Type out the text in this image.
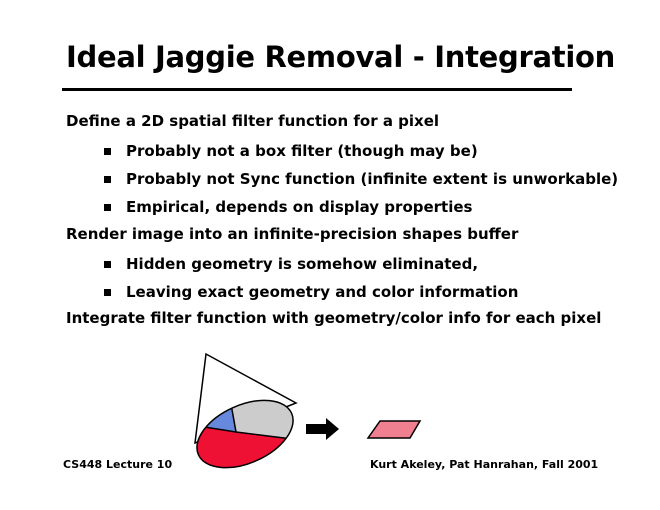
Ideal Jaggie Removal - Integration
Define a 2D spatial filter function for a pixel
Probably not a box filter (though may be)
Probably not Sync function (infinite extent is unworkable)
Empirical, depends on display properties
Render image into an infinite-precision shapes buffer
Hidden geometry is somehow eliminated,
Leaving exact geometry and color information
Integrate filter function with geometry/color info for each pixel
CS448 Lecture 10	Kurt Akeley, Pat Hanrahan, Fall 2001
